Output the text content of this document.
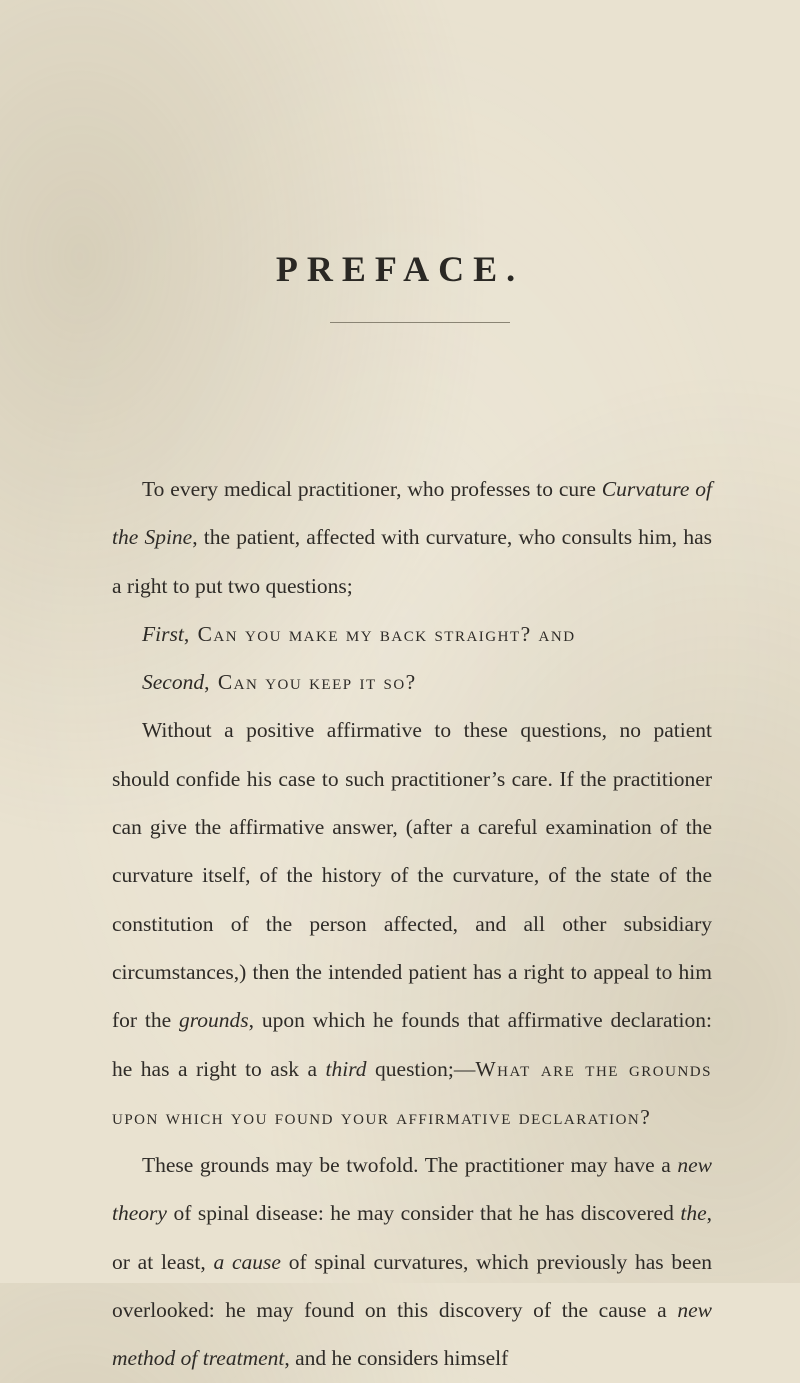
PREFACE.

To every medical practitioner, who professes to cure Curvature of the Spine, the patient, affected with curvature, who consults him, has a right to put two questions;

First, Can you make my back straight? and

Second, Can you keep it so?

Without a positive affirmative to these questions, no patient should confide his case to such practitioner’s care. If the practitioner can give the affirmative answer, (after a careful examination of the curvature itself, of the history of the curvature, of the state of the constitution of the person affected, and all other subsidiary circumstances,) then the intended patient has a right to appeal to him for the grounds, upon which he founds that affirmative declaration: he has a right to ask a third question;—What are the grounds upon which you found your affirmative declaration?

These grounds may be twofold. The practitioner may have a new theory of spinal disease: he may consider that he has discovered the, or at least, a cause of spinal curvatures, which previously has been overlooked: he may found on this discovery of the cause a new method of treatment, and he considers himself
